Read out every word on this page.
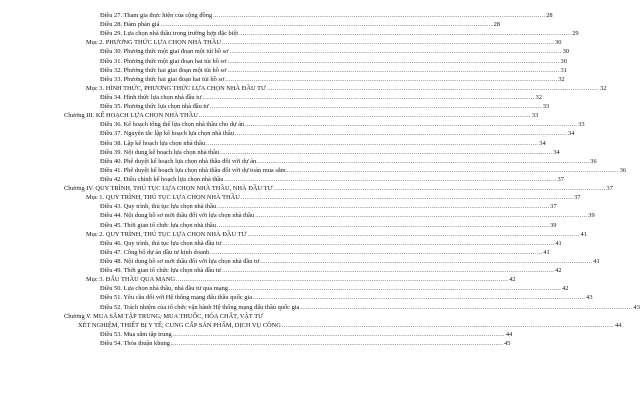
Điều 27. Tham gia thực hiện của cộng đồng .....	28
Điều 28. Đàm phán giá .....	28
Điều 29. Lựa chọn nhà thầu trong trường hợp đặc biệt .....	29
Mục 2. PHƯƠNG THỨC LỰA CHỌN NHÀ THẦU .....	30
Điều 30. Phương thức một giai đoạn một túi hồ sơ .....	30
Điều 31. Phương thức một giai đoạn hai túi hồ sơ .....	30
Điều 32. Phương thức hai giai đoạn một túi hồ sơ .....	31
Điều 33. Phương thức hai giai đoạn hai túi hồ sơ .....	32
Mục 3. HÌNH THỨC, PHƯƠNG THỨC LỰA CHỌN NHÀ ĐẦU TƯ .....	32
Điều 34. Hình thức lựa chọn nhà đầu tư .....	32
Điều 35. Phương thức lựa chọn nhà đầu tư .....	33
Chương III. KẾ HOẠCH LỰA CHỌN NHÀ THẦU .....	33
Điều 36. Kế hoạch tổng thể lựa chọn nhà thầu cho dự án .....	33
Điều 37. Nguyên tắc lập kế hoạch lựa chọn nhà thầu .....	34
Điều 38. Lập kế hoạch lựa chọn nhà thầu .....	34
Điều 39. Nội dung kế hoạch lựa chọn nhà thầu .....	34
Điều 40. Phê duyệt kế hoạch lựa chọn nhà thầu đối với dự án .....	36
Điều 41. Phê duyệt kế hoạch lựa chọn nhà thầu đối với dự toán mua sắm .....	36
Điều 42. Điều chỉnh kế hoạch lựa chọn nhà thầu .....	37
Chương IV. QUY TRÌNH, THỦ TỤC LỰA CHỌN NHÀ THẦU, NHÀ ĐẦU TƯ .....	37
Mục 1. QUY TRÌNH, THỦ TỤC LỰA CHỌN NHÀ THẦU .....	37
Điều 43. Quy trình, thủ tục lựa chọn nhà thầu .....	37
Điều 44. Nội dung hồ sơ mời thầu đối với lựa chọn nhà thầu .....	39
Điều 45. Thời gian tổ chức lựa chọn nhà thầu .....	39
Mục 2. QUY TRÌNH, THỦ TỤC LỰA CHỌN NHÀ ĐẦU TƯ .....	41
Điều 46. Quy trình, thủ tục lựa chọn nhà đầu tư .....	41
Điều 47. Công bố dự án đầu tư kinh doanh .....	41
Điều 48. Nội dung hồ sơ mời thầu đối với lựa chọn nhà đầu tư .....	41
Điều 49. Thời gian tổ chức lựa chọn nhà đầu tư .....	42
Mục 3. ĐẤU THẦU QUA MẠNG .....	42
Điều 50. Lựa chọn nhà thầu, nhà đầu tư qua mạng .....	42
Điều 51. Yêu cầu đối với Hệ thống mạng đấu thầu quốc gia .....	43
Điều 52. Trách nhiệm của tổ chức vận hành Hệ thống mạng đấu thầu quốc gia .....	43
Chương V. MUA SẮM TẬP TRUNG; MUA THUỐC, HÓA CHẤT, VẬT TƯ
XÉT NGHIỆM, THIẾT BỊ Y TẾ; CUNG CẤP SẢN PHẨM, DỊCH VỤ CÔNG .....	44
Điều 53. Mua sắm tập trung .....	44
Điều 54. Thỏa thuận khung .....	45
